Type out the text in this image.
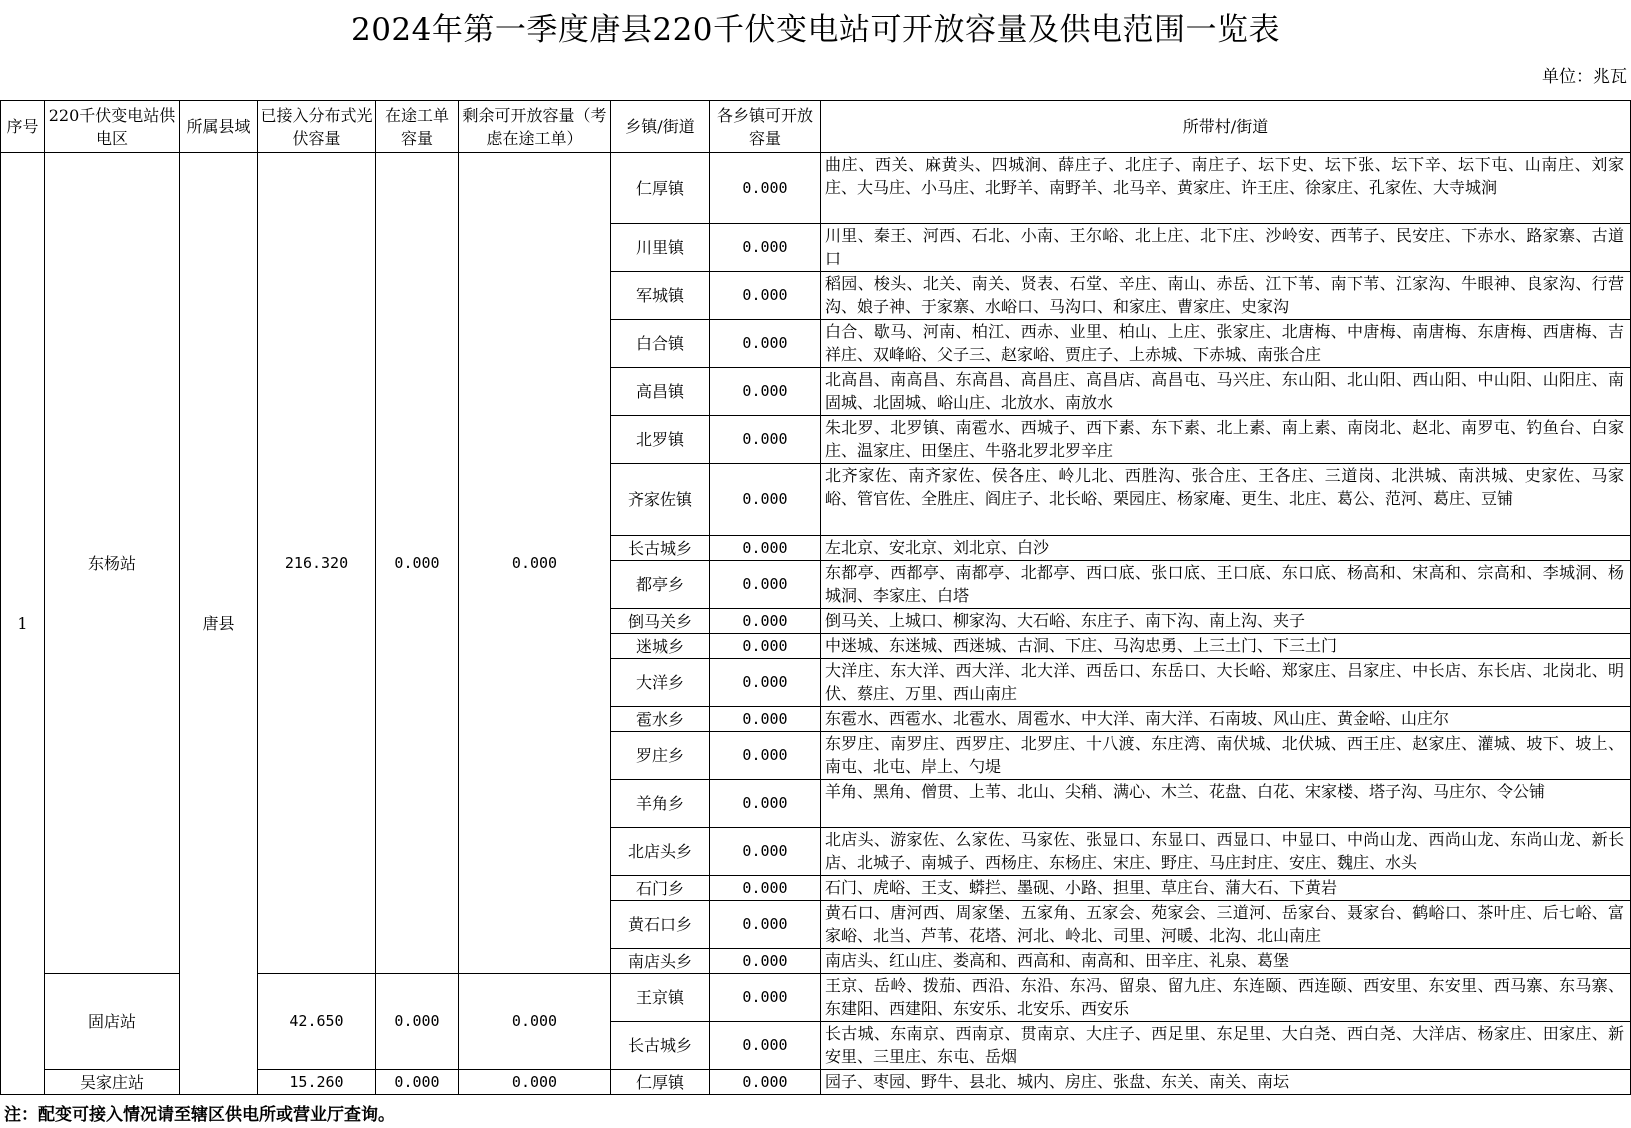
2024年第一季度唐县220千伏变电站可开放容量及供电范围一览表
单位：兆瓦
序号	220千伏变电站供电区	所属县域	已接入分布式光伏容量	在途工单容量	剩余可开放容量（考虑在途工单）	乡镇/街道	各乡镇可开放容量	所带村/街道
1	东杨站	唐县	216.320	0.000	0.000	仁厚镇	0.000	曲庄、西关、麻黄头、四城涧、薛庄子、北庄子、南庄子、坛下史、坛下张、坛下辛、坛下屯、山南庄、刘家庄、大马庄、小马庄、北野羊、南野羊、北马辛、黄家庄、许王庄、徐家庄、孔家佐、大寺城涧
						川里镇	0.000	川里、秦王、河西、石北、小南、王尔峪、北上庄、北下庄、沙岭安、西苇子、民安庄、下赤水、路家寨、古道口
						军城镇	0.000	稻园、梭头、北关、南关、贤表、石堂、辛庄、南山、赤岳、江下苇、南下苇、江家沟、牛眼神、良家沟、行营沟、娘子神、于家寨、水峪口、马沟口、和家庄、曹家庄、史家沟
						白合镇	0.000	白合、歇马、河南、柏江、西赤、业里、柏山、上庄、张家庄、北唐梅、中唐梅、南唐梅、东唐梅、西唐梅、吉祥庄、双峰峪、父子三、赵家峪、贾庄子、上赤城、下赤城、南张合庄
						高昌镇	0.000	北高昌、南高昌、东高昌、高昌庄、高昌店、高昌屯、马兴庄、东山阳、北山阳、西山阳、中山阳、山阳庄、南固城、北固城、峪山庄、北放水、南放水
						北罗镇	0.000	朱北罗、北罗镇、南雹水、西城子、西下素、东下素、北上素、南上素、南岗北、赵北、南罗屯、钓鱼台、白家庄、温家庄、田堡庄、牛骆北罗北罗辛庄
						齐家佐镇	0.000	北齐家佐、南齐家佐、侯各庄、岭儿北、西胜沟、张合庄、王各庄、三道岗、北洪城、南洪城、史家佐、马家峪、管官佐、全胜庄、阎庄子、北长峪、栗园庄、杨家庵、更生、北庄、葛公、范河、葛庄、豆铺
						长古城乡	0.000	左北京、安北京、刘北京、白沙
						都亭乡	0.000	东都亭、西都亭、南都亭、北都亭、西口底、张口底、王口底、东口底、杨高和、宋高和、宗高和、李城洞、杨城洞、李家庄、白塔
						倒马关乡	0.000	倒马关、上城口、柳家沟、大石峪、东庄子、南下沟、南上沟、夹子
						迷城乡	0.000	中迷城、东迷城、西迷城、古洞、下庄、马沟忠勇、上三土门、下三土门
						大洋乡	0.000	大洋庄、东大洋、西大洋、北大洋、西岳口、东岳口、大长峪、郑家庄、吕家庄、中长店、东长店、北岗北、明伏、蔡庄、万里、西山南庄
						雹水乡	0.000	东雹水、西雹水、北雹水、周雹水、中大洋、南大洋、石南坡、风山庄、黄金峪、山庄尔
						罗庄乡	0.000	东罗庄、南罗庄、西罗庄、北罗庄、十八渡、东庄湾、南伏城、北伏城、西王庄、赵家庄、灌城、坡下、坡上、南屯、北屯、岸上、勺堤
						羊角乡	0.000	羊角、黑角、僧贯、上苇、北山、尖稍、满心、木兰、花盘、白花、宋家楼、塔子沟、马庄尔、令公铺
						北店头乡	0.000	北店头、游家佐、么家佐、马家佐、张显口、东显口、西显口、中显口、中尚山龙、西尚山龙、东尚山龙、新长店、北城子、南城子、西杨庄、东杨庄、宋庄、野庄、马庄封庄、安庄、魏庄、水头
						石门乡	0.000	石门、虎峪、王支、蟒拦、墨砚、小路、担里、草庄台、蒲大石、下黄岩
						黄石口乡	0.000	黄石口、唐河西、周家堡、五家角、五家会、苑家会、三道河、岳家台、聂家台、鹤峪口、茶叶庄、后七峪、富家峪、北当、芦苇、花塔、河北、岭北、司里、河暖、北沟、北山南庄
						南店头乡	0.000	南店头、红山庄、娄高和、西高和、南高和、田辛庄、礼泉、葛堡
	固店站		42.650	0.000	0.000	王京镇	0.000	王京、岳岭、拨茄、西沿、东沿、东冯、留泉、留九庄、东连颐、西连颐、西安里、东安里、西马寨、东马寨、东建阳、西建阳、东安乐、北安乐、西安乐
						长古城乡	0.000	长古城、东南京、西南京、贯南京、大庄子、西足里、东足里、大白尧、西白尧、大洋店、杨家庄、田家庄、新安里、三里庄、东屯、岳烟
	吴家庄站		15.260	0.000	0.000	仁厚镇	0.000	园子、枣园、野牛、县北、城内、房庄、张盘、东关、南关、南坛
注：配变可接入情况请至辖区供电所或营业厅查询。
